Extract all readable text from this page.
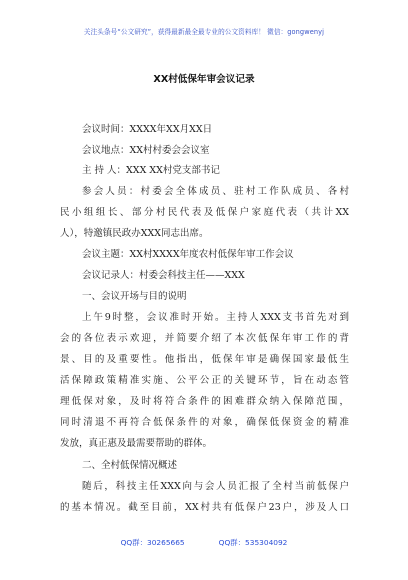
关注头条号“公文研究”，获得最新最全最专业的公文资料库！ 微信：gongwenyj
XX村低保年审会议记录
会议时间：XXXX年XX月XX日
会议地点：XX村村委会会议室
主 持 人：XXX XX村党支部书记
参会人员：村委会全体成员、驻村工作队成员、各村
民小组组长、部分村民代表及低保户家庭代表（共计XX
人），特邀镇民政办XXX同志出席。
会议主题：XX村XXXX年度农村低保年审工作会议
会议记录人：村委会科技主任——XXX
一、会议开场与目的说明
上午9时整，会议准时开始。主持人XXX支书首先对到
会的各位表示欢迎，并简要介绍了本次低保年审工作的背
景、目的及重要性。他指出，低保年审是确保国家最低生
活保障政策精准实施、公平公正的关键环节，旨在动态管
理低保对象，及时将符合条件的困难群众纳入保障范围，
同时清退不再符合低保条件的对象，确保低保资金的精准
发放，真正惠及最需要帮助的群体。
二、全村低保情况概述
随后，科技主任XXX向与会人员汇报了全村当前低保户
的基本情况。截至目前，XX村共有低保户23户，涉及人口
QQ群：30265665	QQ群：535304092
